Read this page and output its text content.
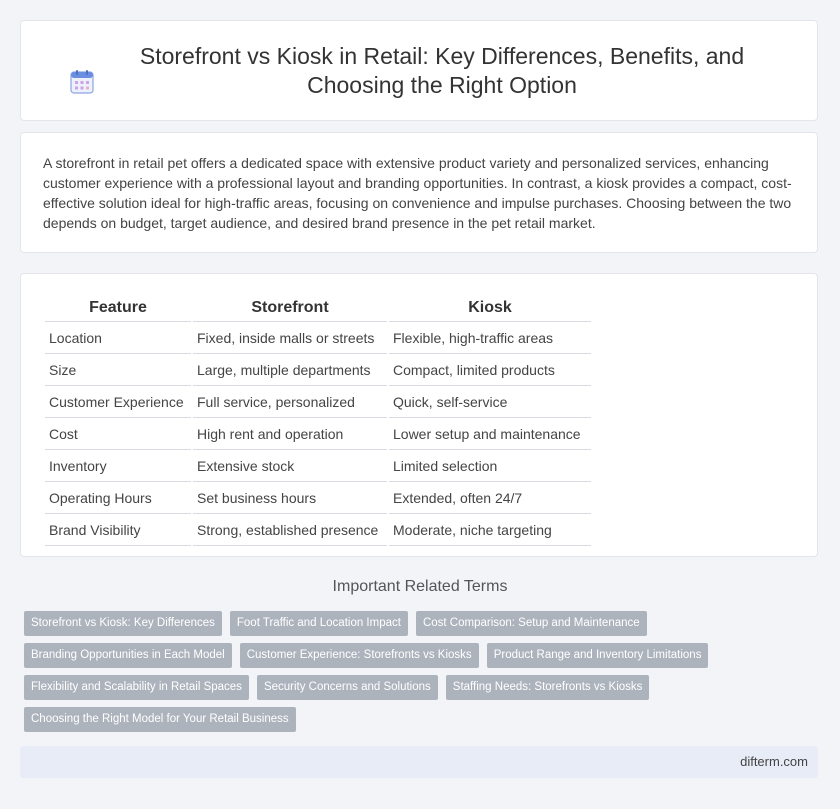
Storefront vs Kiosk in Retail: Key Differences, Benefits, and Choosing the Right Option

A storefront in retail pet offers a dedicated space with extensive product variety and personalized services, enhancing customer experience with a professional layout and branding opportunities. In contrast, a kiosk provides a compact, cost-effective solution ideal for high-traffic areas, focusing on convenience and impulse purchases. Choosing between the two depends on budget, target audience, and desired brand presence in the pet retail market.

Feature	Storefront	Kiosk
Location	Fixed, inside malls or streets	Flexible, high-traffic areas
Size	Large, multiple departments	Compact, limited products
Customer Experience	Full service, personalized	Quick, self-service
Cost	High rent and operation	Lower setup and maintenance
Inventory	Extensive stock	Limited selection
Operating Hours	Set business hours	Extended, often 24/7
Brand Visibility	Strong, established presence	Moderate, niche targeting
Important Related Terms
Storefront vs Kiosk: Key Differences	Foot Traffic and Location Impact	Cost Comparison: Setup and Maintenance
Branding Opportunities in Each Model	Customer Experience: Storefronts vs Kiosks	Product Range and Inventory Limitations
Flexibility and Scalability in Retail Spaces	Security Concerns and Solutions	Staffing Needs: Storefronts vs Kiosks
Choosing the Right Model for Your Retail Business
difterm.com
